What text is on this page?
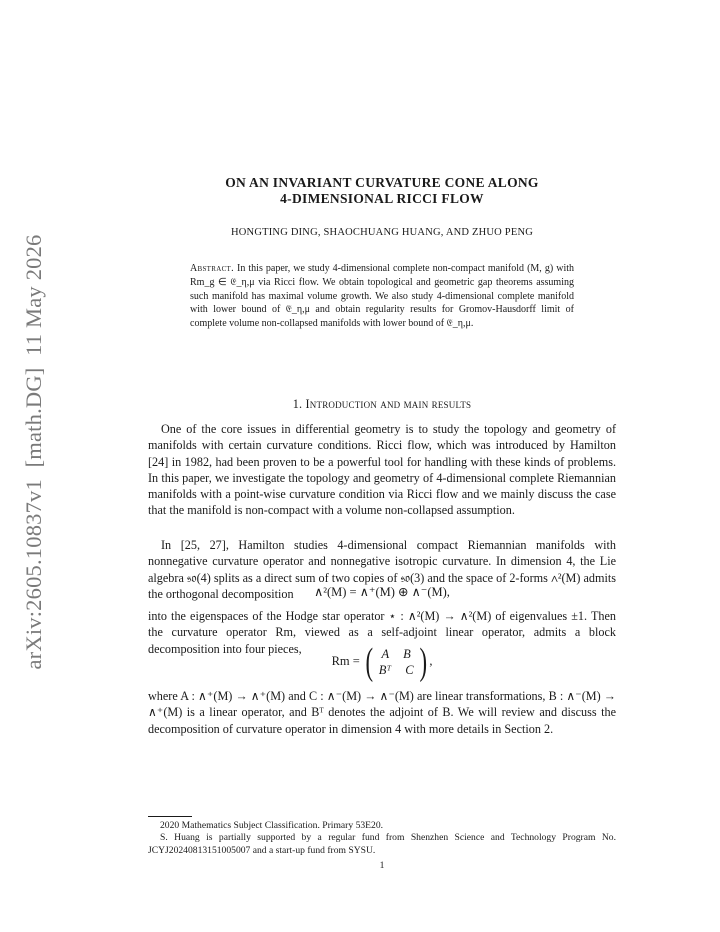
arXiv:2605.10837v1  [math.DG]  11 May 2026
ON AN INVARIANT CURVATURE CONE ALONG
4-DIMENSIONAL RICCI FLOW
HONGTING DING, SHAOCHUANG HUANG, AND ZHUO PENG
Abstract. In this paper, we study 4-dimensional complete non-compact manifold (M, g) with Rm_g ∈ 𝔈_η,μ via Ricci flow. We obtain topological and geometric gap theorems assuming such manifold has maximal volume growth. We also study 4-dimensional complete manifold with lower bound of 𝔈_η,μ and obtain regularity results for Gromov-Hausdorff limit of complete volume non-collapsed manifolds with lower bound of 𝔈_η,μ.
1. Introduction and main results
One of the core issues in differential geometry is to study the topology and geometry of manifolds with certain curvature conditions. Ricci flow, which was introduced by Hamilton [24] in 1982, had been proven to be a powerful tool for handling with these kinds of problems. In this paper, we investigate the topology and geometry of 4-dimensional complete Riemannian manifolds with a point-wise curvature condition via Ricci flow and we mainly discuss the case that the manifold is non-compact with a volume non-collapsed assumption.
In [25, 27], Hamilton studies 4-dimensional compact Riemannian manifolds with nonnegative curvature operator and nonnegative isotropic curvature. In dimension 4, the Lie algebra 𝔰𝔬(4) splits as a direct sum of two copies of 𝔰𝔬(3) and the space of 2-forms ∧²(M) admits the orthogonal decomposition	∧²(M) = ∧⁺(M) ⊕ ∧⁻(M),
into the eigenspaces of the Hodge star operator ⋆ : ∧²(M) → ∧²(M) of eigenvalues ±1. Then the curvature operator Rm, viewed as a self-adjoint linear operator, admits a block decomposition into four pieces,
Rm = ( A B
Bᵀ C ) ,
where A : ∧⁺(M) → ∧⁺(M) and C : ∧⁻(M) → ∧⁻(M) are linear transformations, B : ∧⁻(M) → ∧⁺(M) is a linear operator, and Bᵀ denotes the adjoint of B. We will review and discuss the decomposition of curvature operator in dimension 4 with more details in Section 2.
2020 Mathematics Subject Classification. Primary 53E20.
S. Huang is partially supported by a regular fund from Shenzhen Science and Technology Program No. JCYJ20240813151005007 and a start-up fund from SYSU.
1
